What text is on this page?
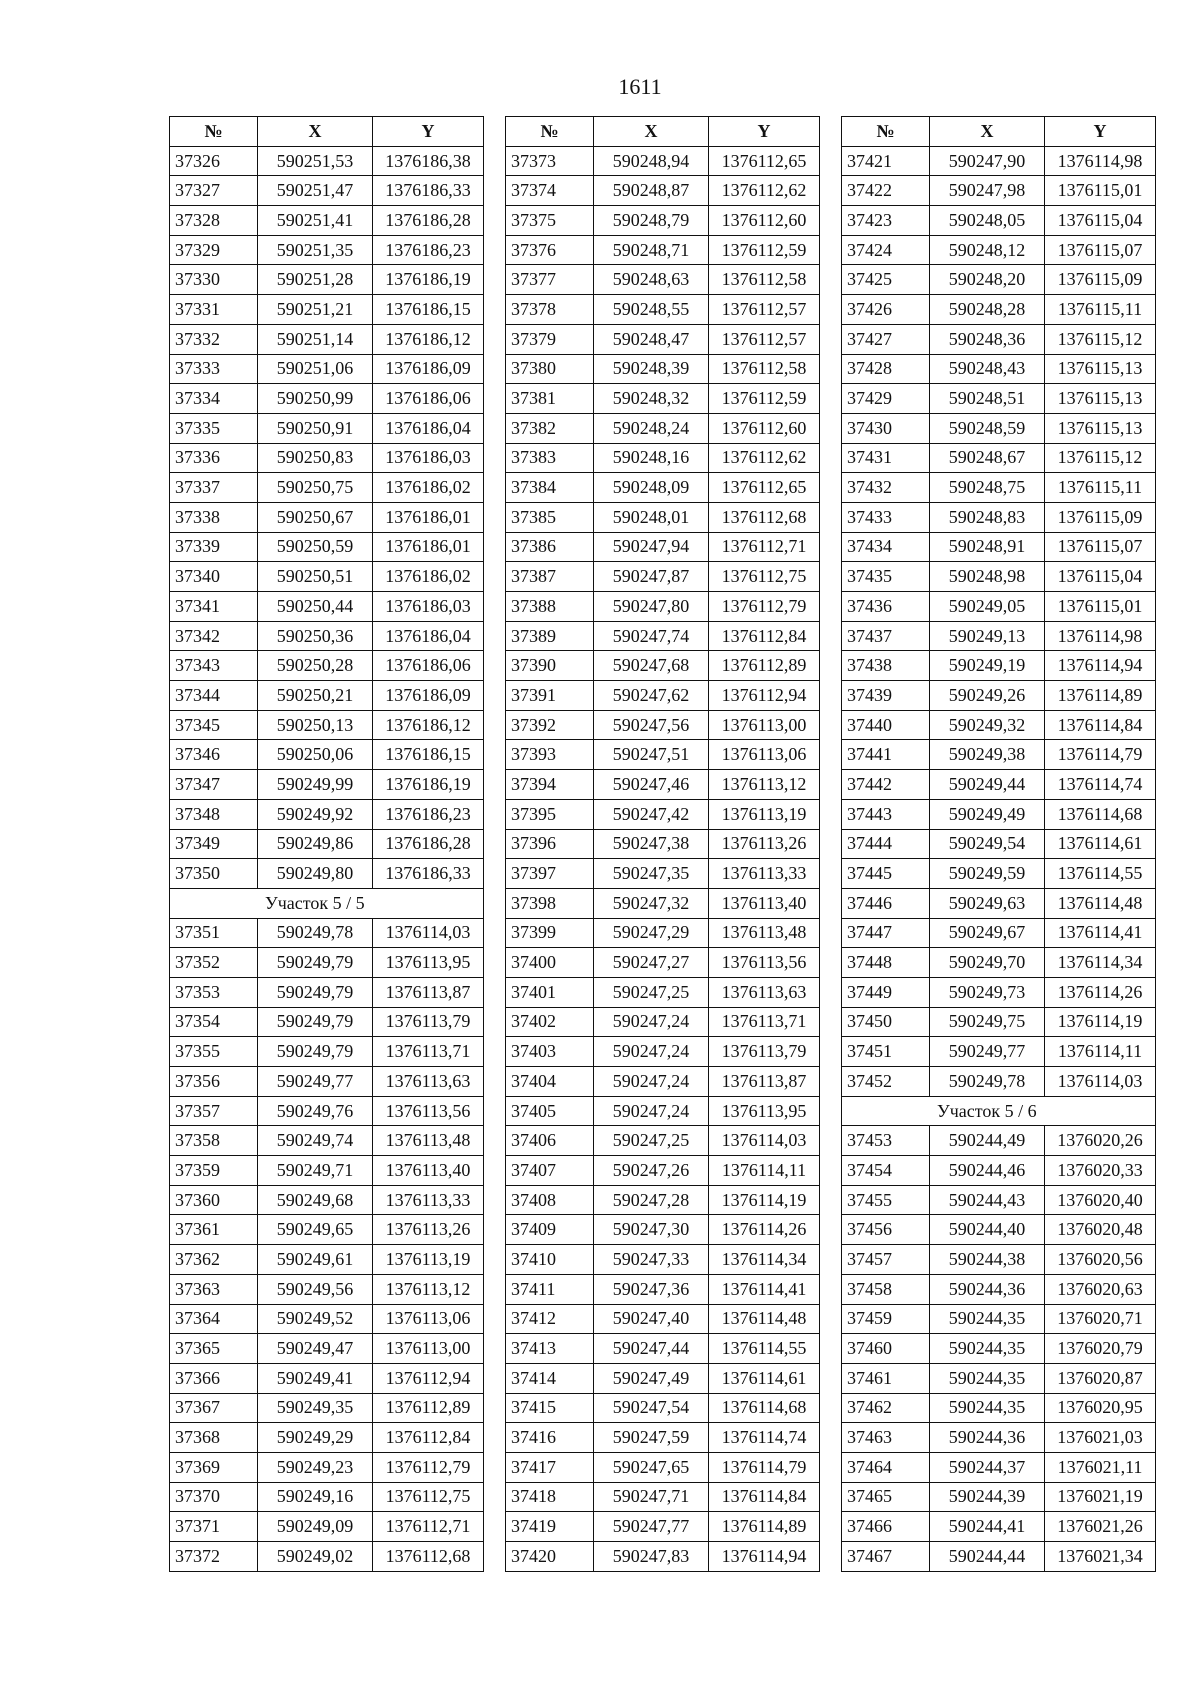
1611
№	X	Y
37326	590251,53	1376186,38
37327	590251,47	1376186,33
37328	590251,41	1376186,28
37329	590251,35	1376186,23
37330	590251,28	1376186,19
37331	590251,21	1376186,15
37332	590251,14	1376186,12
37333	590251,06	1376186,09
37334	590250,99	1376186,06
37335	590250,91	1376186,04
37336	590250,83	1376186,03
37337	590250,75	1376186,02
37338	590250,67	1376186,01
37339	590250,59	1376186,01
37340	590250,51	1376186,02
37341	590250,44	1376186,03
37342	590250,36	1376186,04
37343	590250,28	1376186,06
37344	590250,21	1376186,09
37345	590250,13	1376186,12
37346	590250,06	1376186,15
37347	590249,99	1376186,19
37348	590249,92	1376186,23
37349	590249,86	1376186,28
37350	590249,80	1376186,33
Участок 5 / 5		
37351	590249,78	1376114,03
37352	590249,79	1376113,95
37353	590249,79	1376113,87
37354	590249,79	1376113,79
37355	590249,79	1376113,71
37356	590249,77	1376113,63
37357	590249,76	1376113,56
37358	590249,74	1376113,48
37359	590249,71	1376113,40
37360	590249,68	1376113,33
37361	590249,65	1376113,26
37362	590249,61	1376113,19
37363	590249,56	1376113,12
37364	590249,52	1376113,06
37365	590249,47	1376113,00
37366	590249,41	1376112,94
37367	590249,35	1376112,89
37368	590249,29	1376112,84
37369	590249,23	1376112,79
37370	590249,16	1376112,75
37371	590249,09	1376112,71
37372	590249,02	1376112,68
№	X	Y
37373	590248,94	1376112,65
37374	590248,87	1376112,62
37375	590248,79	1376112,60
37376	590248,71	1376112,59
37377	590248,63	1376112,58
37378	590248,55	1376112,57
37379	590248,47	1376112,57
37380	590248,39	1376112,58
37381	590248,32	1376112,59
37382	590248,24	1376112,60
37383	590248,16	1376112,62
37384	590248,09	1376112,65
37385	590248,01	1376112,68
37386	590247,94	1376112,71
37387	590247,87	1376112,75
37388	590247,80	1376112,79
37389	590247,74	1376112,84
37390	590247,68	1376112,89
37391	590247,62	1376112,94
37392	590247,56	1376113,00
37393	590247,51	1376113,06
37394	590247,46	1376113,12
37395	590247,42	1376113,19
37396	590247,38	1376113,26
37397	590247,35	1376113,33
37398	590247,32	1376113,40
37399	590247,29	1376113,48
37400	590247,27	1376113,56
37401	590247,25	1376113,63
37402	590247,24	1376113,71
37403	590247,24	1376113,79
37404	590247,24	1376113,87
37405	590247,24	1376113,95
37406	590247,25	1376114,03
37407	590247,26	1376114,11
37408	590247,28	1376114,19
37409	590247,30	1376114,26
37410	590247,33	1376114,34
37411	590247,36	1376114,41
37412	590247,40	1376114,48
37413	590247,44	1376114,55
37414	590247,49	1376114,61
37415	590247,54	1376114,68
37416	590247,59	1376114,74
37417	590247,65	1376114,79
37418	590247,71	1376114,84
37419	590247,77	1376114,89
37420	590247,83	1376114,94
№	X	Y
37421	590247,90	1376114,98
37422	590247,98	1376115,01
37423	590248,05	1376115,04
37424	590248,12	1376115,07
37425	590248,20	1376115,09
37426	590248,28	1376115,11
37427	590248,36	1376115,12
37428	590248,43	1376115,13
37429	590248,51	1376115,13
37430	590248,59	1376115,13
37431	590248,67	1376115,12
37432	590248,75	1376115,11
37433	590248,83	1376115,09
37434	590248,91	1376115,07
37435	590248,98	1376115,04
37436	590249,05	1376115,01
37437	590249,13	1376114,98
37438	590249,19	1376114,94
37439	590249,26	1376114,89
37440	590249,32	1376114,84
37441	590249,38	1376114,79
37442	590249,44	1376114,74
37443	590249,49	1376114,68
37444	590249,54	1376114,61
37445	590249,59	1376114,55
37446	590249,63	1376114,48
37447	590249,67	1376114,41
37448	590249,70	1376114,34
37449	590249,73	1376114,26
37450	590249,75	1376114,19
37451	590249,77	1376114,11
37452	590249,78	1376114,03
Участок 5 / 6		
37453	590244,49	1376020,26
37454	590244,46	1376020,33
37455	590244,43	1376020,40
37456	590244,40	1376020,48
37457	590244,38	1376020,56
37458	590244,36	1376020,63
37459	590244,35	1376020,71
37460	590244,35	1376020,79
37461	590244,35	1376020,87
37462	590244,35	1376020,95
37463	590244,36	1376021,03
37464	590244,37	1376021,11
37465	590244,39	1376021,19
37466	590244,41	1376021,26
37467	590244,44	1376021,34
